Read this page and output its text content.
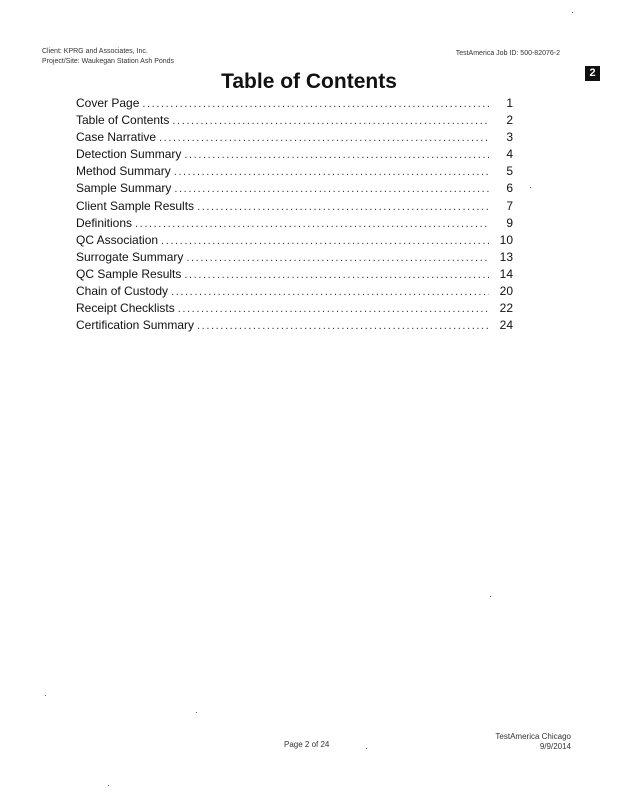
Client: KPRG and Associates, Inc.
Project/Site: Waukegan Station Ash Ponds
TestAmerica Job ID: 500-82076-2
2
Table of Contents
Cover Page .....	1
Table of Contents .....	2
Case Narrative .....	3
Detection Summary .....	4
Method Summary .....	5
Sample Summary .....	6
Client Sample Results .....	7
Definitions .....	9
QC Association .....	10
Surrogate Summary .....	13
QC Sample Results .....	14
Chain of Custody .....	20
Receipt Checklists .....	22
Certification Summary .....	24
Page 2 of 24
TestAmerica Chicago
9/9/2014
